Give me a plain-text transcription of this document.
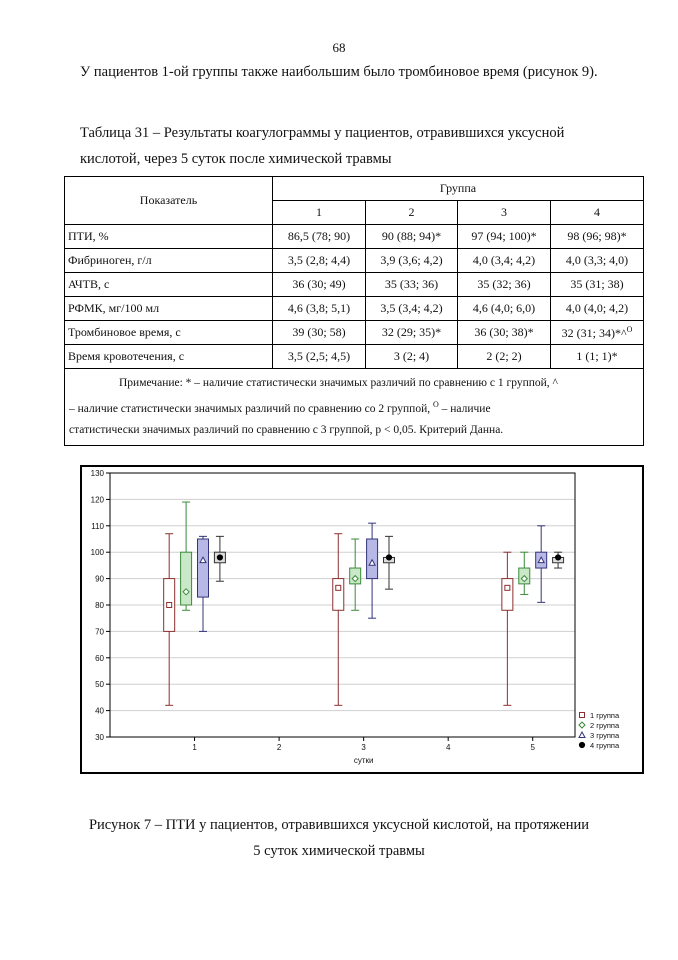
68
У пациентов 1-ой группы также наибольшим было тромбиновое время (рисунок 9).
Таблица 31 – Результаты коагулограммы у пациентов, отравившихся уксусной
кислотой, через 5 суток после химической травмы
Показатель	Группа			
	1	2	3	4
ПТИ, %	86,5 (78; 90)	90 (88; 94)*	97 (94; 100)*	98 (96; 98)*
Фибриноген, г/л	3,5 (2,8; 4,4)	3,9 (3,6; 4,2)	4,0 (3,4; 4,2)	4,0 (3,3; 4,0)
АЧТВ, с	36 (30; 49)	35 (33; 36)	35 (32; 36)	35 (31; 38)
РФМК, мг/100 мл	4,6 (3,8; 5,1)	3,5 (3,4; 4,2)	4,6 (4,0; 6,0)	4,0 (4,0; 4,2)
Тромбиновое время, с	39 (30; 58)	32 (29; 35)*	36 (30; 38)*	32 (31; 34)*^$^O$
Время кровотечения, с	3,5 (2,5; 4,5)	3 (2; 4)	2 (2; 2)	1 (1; 1)*
Примечание: * – наличие статистически значимых различий по сравнению с 1 группой, ^
– наличие статистически значимых различий по сравнению со 2 группой, $^О$ – наличие
статистически значимых различий по сравнению с 3 группой, р < 0,05. Критерий Данна.				
30
40
50
60
70
80
90
100
110
120
130
1	2	3	4	5
сутки
1 группа
2 группа
3 группа
4 группа
Рисунок 7 – ПТИ у пациентов, отравившихся уксусной кислотой, на протяжении
5 суток химической травмы
